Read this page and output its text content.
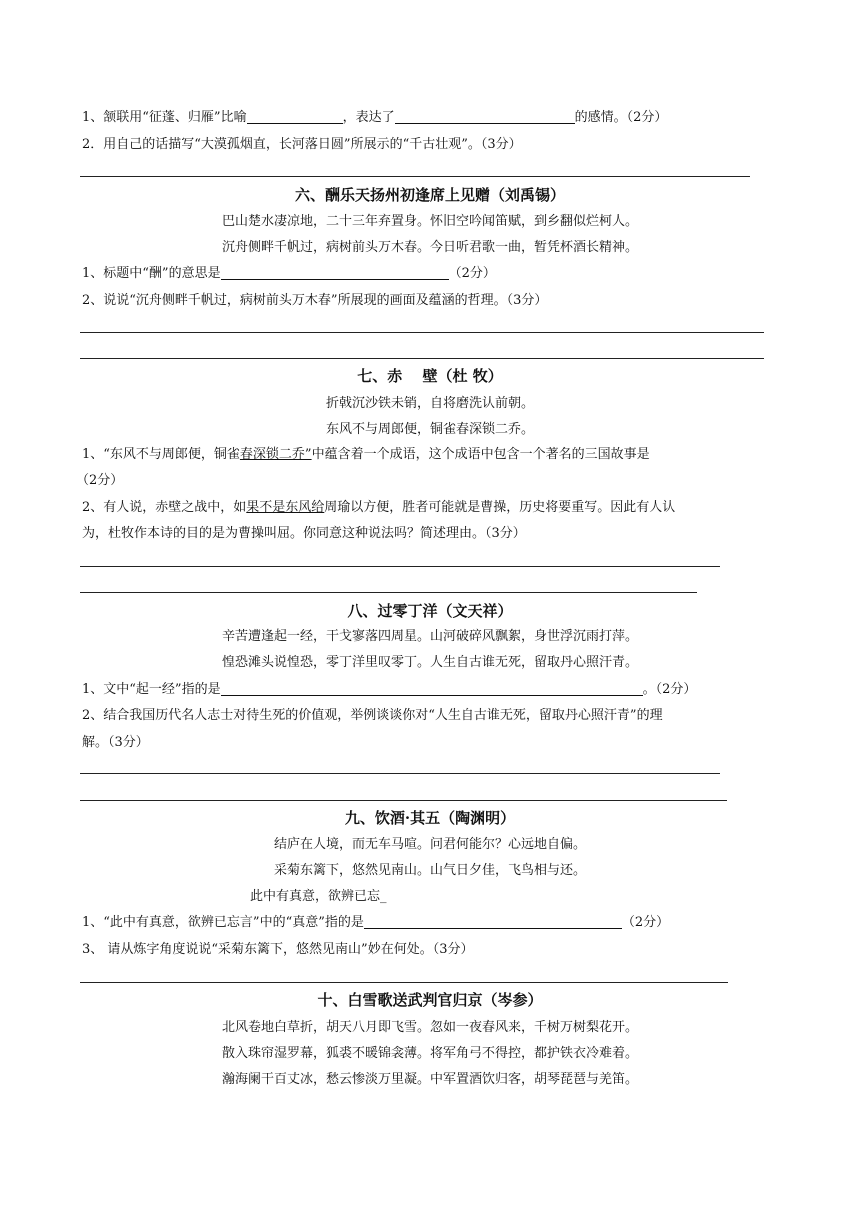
1、颔联用“征蓬、归雁”比喻	，表达了	的感情。（2分）
2．用自己的话描写“大漠孤烟直，长河落日圆”所展示的“千古壮观”。（3分）
六、酬乐天扬州初逢席上见赠（刘禹锡）
巴山楚水凄凉地，二十三年弃置身。怀旧空吟闻笛赋，到乡翻似烂柯人。
沉舟侧畔千帆过，病树前头万木春。今日听君歌一曲，暂凭杯酒长精神。
1、标题中“酬”的意思是	（2分）
2、说说“沉舟侧畔千帆过，病树前头万木春”所展现的画面及蕴涵的哲理。（3分）
七、赤　 壁（杜 牧）
折戟沉沙铁未销，自将磨洗认前朝。
东风不与周郎便，铜雀春深锁二乔。
1、“东风不与周郎便，铜雀春深锁二乔”中蕴含着一个成语，这个成语中包含一个著名的三国故事是
（2分）
2、有人说，赤壁之战中，如果不是东风给周瑜以方便，胜者可能就是曹操，历史将要重写。因此有人认
为，杜牧作本诗的目的是为曹操叫屈。你同意这种说法吗？简述理由。（3分）
八、过零丁洋（文天祥）
辛苦遭逢起一经，干戈寥落四周星。山河破碎风飘絮，身世浮沉雨打萍。
惶恐滩头说惶恐，零丁洋里叹零丁。人生自古谁无死，留取丹心照汗青。
1、文中“起一经”指的是	。（2分）
2、结合我国历代名人志士对待生死的价值观，举例谈谈你对“人生自古谁无死，留取丹心照汗青”的理
解。（3分）
九、饮酒·其五（陶渊明）
结庐在人境，而无车马喧。问君何能尔？心远地自偏。
采菊东篱下，悠然见南山。山气日夕佳，飞鸟相与还。
此中有真意，欲辨已忘_
1、“此中有真意，欲辨已忘言”中的“真意”指的是	（2分）
3、 请从炼字角度说说“采菊东篱下，悠然见南山”妙在何处。（3分）
十、白雪歌送武判官归京（岑参）
北风卷地白草折，胡天八月即飞雪。忽如一夜春风来，千树万树梨花开。
散入珠帘湿罗幕，狐裘不暖锦衾薄。将军角弓不得控，都护铁衣冷难着。
瀚海阑干百丈冰，愁云惨淡万里凝。中军置酒饮归客，胡琴琵琶与羌笛。
